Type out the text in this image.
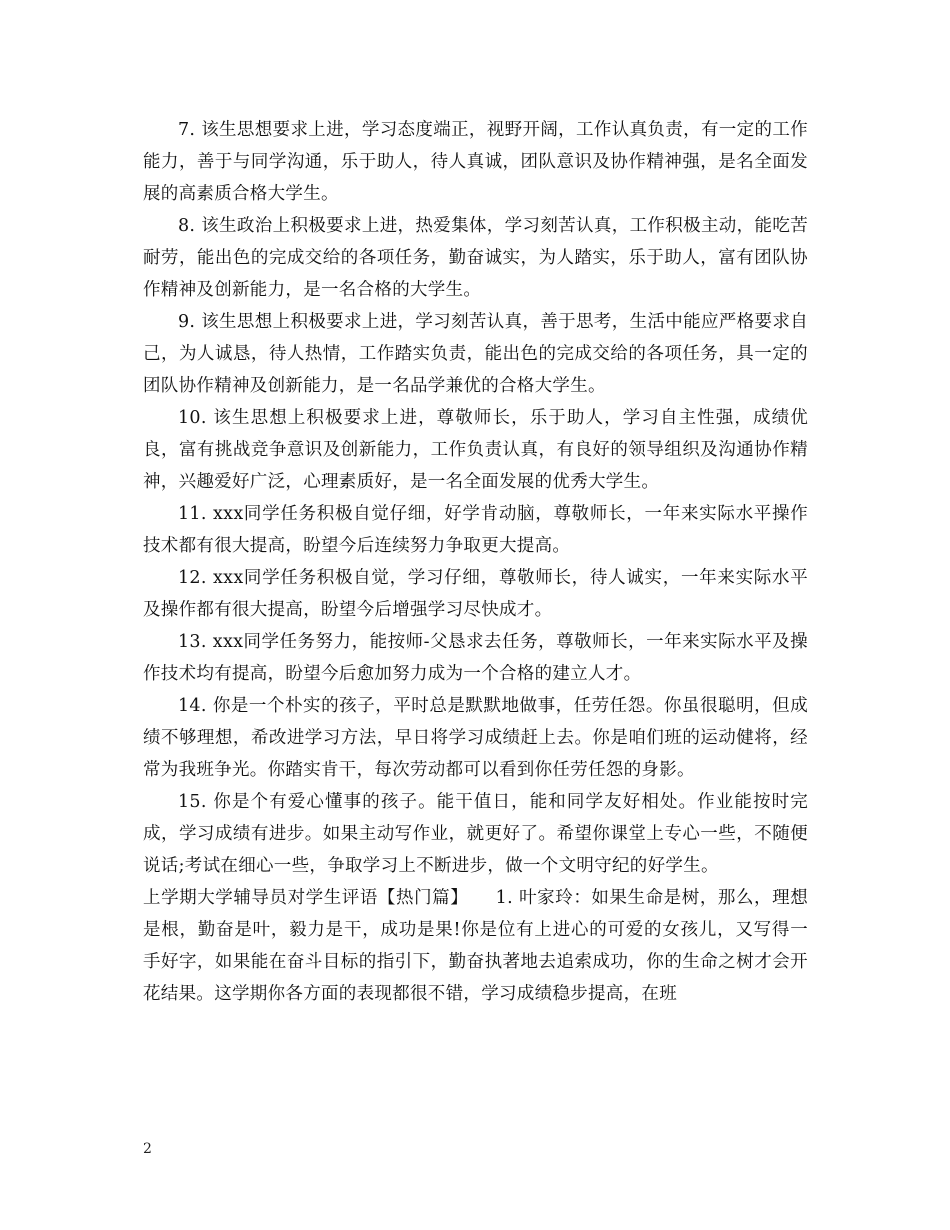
7. 该生思想要求上进，学习态度端正，视野开阔，工作认真负责，有一定的工作能力，善于与同学沟通，乐于助人，待人真诚，团队意识及协作精神强，是名全面发展的高素质合格大学生。

8. 该生政治上积极要求上进，热爱集体，学习刻苦认真，工作积极主动，能吃苦耐劳，能出色的完成交给的各项任务，勤奋诚实，为人踏实，乐于助人，富有团队协作精神及创新能力，是一名合格的大学生。

9. 该生思想上积极要求上进，学习刻苦认真，善于思考，生活中能应严格要求自己，为人诚恳，待人热情，工作踏实负责，能出色的完成交给的各项任务，具一定的团队协作精神及创新能力，是一名品学兼优的合格大学生。

10. 该生思想上积极要求上进，尊敬师长，乐于助人，学习自主性强，成绩优良，富有挑战竞争意识及创新能力，工作负责认真，有良好的领导组织及沟通协作精神，兴趣爱好广泛，心理素质好，是一名全面发展的优秀大学生。

11. xxx同学任务积极自觉仔细，好学肯动脑，尊敬师长，一年来实际水平操作技术都有很大提高，盼望今后连续努力争取更大提高。

12. xxx同学任务积极自觉，学习仔细，尊敬师长，待人诚实，一年来实际水平及操作都有很大提高，盼望今后增强学习尽快成才。

13. xxx同学任务努力，能按师-父恳求去任务，尊敬师长，一年来实际水平及操作技术均有提高，盼望今后愈加努力成为一个合格的建立人才。

14. 你是一个朴实的孩子，平时总是默默地做事，任劳任怨。你虽很聪明，但成绩不够理想，希改进学习方法，早日将学习成绩赶上去。你是咱们班的运动健将，经常为我班争光。你踏实肯干，每次劳动都可以看到你任劳任怨的身影。

15. 你是个有爱心懂事的孩子。能干值日，能和同学友好相处。作业能按时完成，学习成绩有进步。如果主动写作业，就更好了。希望你课堂上专心一些，不随便说话;考试在细心一些，争取学习上不断进步，做一个文明守纪的好学生。

上学期大学辅导员对学生评语【热门篇】　　1. 叶家玲：如果生命是树，那么，理想是根，勤奋是叶，毅力是干，成功是果!你是位有上进心的可爱的女孩儿，又写得一手好字，如果能在奋斗目标的指引下，勤奋执著地去追索成功，你的生命之树才会开花结果。这学期你各方面的表现都很不错，学习成绩稳步提高，在班

2
